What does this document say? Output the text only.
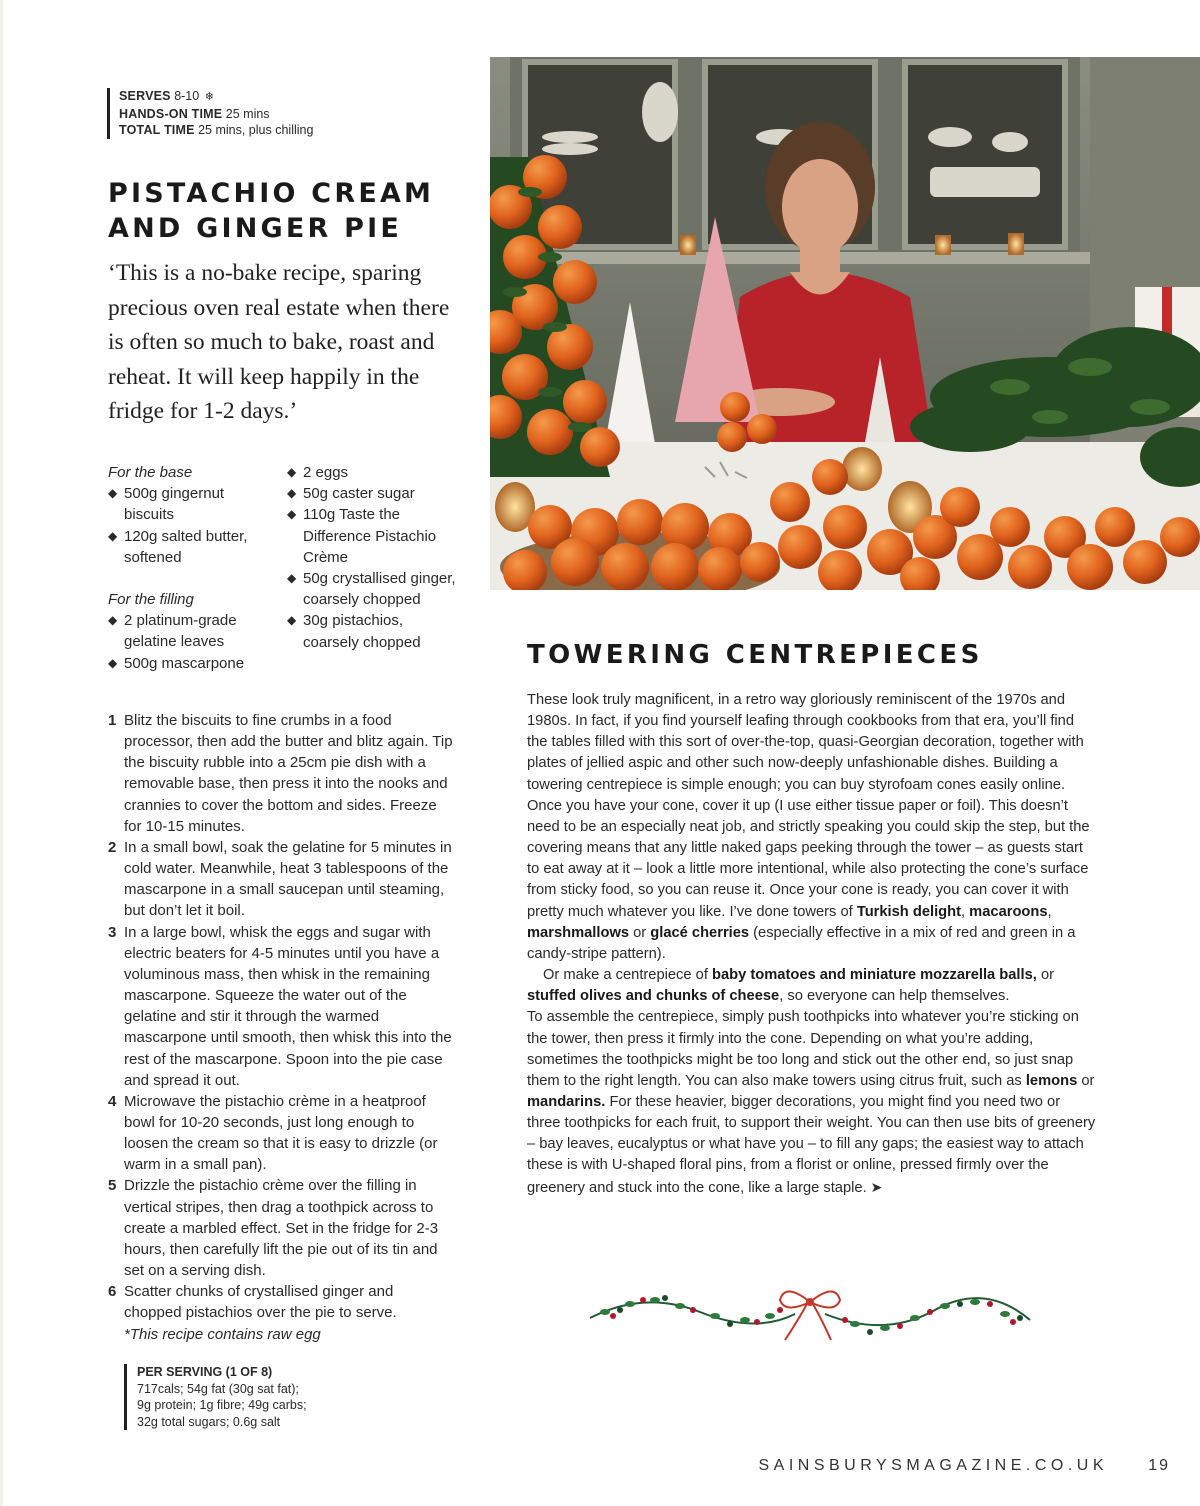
SERVES 8-10 ❄
HANDS-ON TIME 25 mins
TOTAL TIME 25 mins, plus chilling
PISTACHIO CREAM
AND GINGER PIE

‘This is a no-bake recipe, sparing precious oven real estate when there is often so much to bake, roast and reheat. It will keep happily in the fridge for 1-2 days.’

For the base
◆ 500g gingernut biscuits
◆ 120g salted butter, softened
For the filling
◆ 2 platinum-grade gelatine leaves
◆ 500g mascarpone
◆ 2 eggs
◆ 50g caster sugar
◆ 110g Taste the Difference Pistachio Crème
◆ 50g crystallised ginger, coarsely chopped
◆ 30g pistachios, coarsely chopped
1 Blitz the biscuits to fine crumbs in a food processor, then add the butter and blitz again. Tip the biscuity rubble into a 25cm pie dish with a removable base, then press it into the nooks and crannies to cover the bottom and sides. Freeze for 10-15 minutes.
2 In a small bowl, soak the gelatine for 5 minutes in cold water. Meanwhile, heat 3 tablespoons of the mascarpone in a small saucepan until steaming, but don’t let it boil.
3 In a large bowl, whisk the eggs and sugar with electric beaters for 4-5 minutes until you have a voluminous mass, then whisk in the remaining mascarpone. Squeeze the water out of the gelatine and stir it through the warmed mascarpone until smooth, then whisk this into the rest of the mascarpone. Spoon into the pie case and spread it out.
4 Microwave the pistachio crème in a heatproof bowl for 10-20 seconds, just long enough to loosen the cream so that it is easy to drizzle (or warm in a small pan).
5 Drizzle the pistachio crème over the filling in vertical stripes, then drag a toothpick across to create a marbled effect. Set in the fridge for 2-3 hours, then carefully lift the pie out of its tin and set on a serving dish.
6 Scatter chunks of crystallised ginger and chopped pistachios over the pie to serve.
*This recipe contains raw egg
PER SERVING (1 OF 8)
717cals; 54g fat (30g sat fat);
9g protein; 1g fibre; 49g carbs;
32g total sugars; 0.6g salt
TOWERING CENTREPIECES

These look truly magnificent, in a retro way gloriously reminiscent of the 1970s and 1980s. In fact, if you find yourself leafing through cookbooks from that era, you’ll find the tables filled with this sort of over-the-top, quasi-Georgian decoration, together with plates of jellied aspic and other such now-deeply unfashionable dishes. Building a towering centrepiece is simple enough; you can buy styrofoam cones easily online. Once you have your cone, cover it up (I use either tissue paper or foil). This doesn’t need to be an especially neat job, and strictly speaking you could skip the step, but the covering means that any little naked gaps peeking through the tower – as guests start to eat away at it – look a little more intentional, while also protecting the cone’s surface from sticky food, so you can reuse it. Once your cone is ready, you can cover it with pretty much whatever you like. I’ve done towers of Turkish delight, macaroons, marshmallows or glacé cherries (especially effective in a mix of red and green in a candy-stripe pattern).

Or make a centrepiece of baby tomatoes and miniature mozzarella balls, or stuffed olives and chunks of cheese, so everyone can help themselves.

To assemble the centrepiece, simply push toothpicks into whatever you’re sticking on the tower, then press it firmly into the cone. Depending on what you’re adding, sometimes the toothpicks might be too long and stick out the other end, so just snap them to the right length. You can also make towers using citrus fruit, such as lemons or mandarins. For these heavier, bigger decorations, you might find you need two or three toothpicks for each fruit, to support their weight. You can then use bits of greenery – bay leaves, eucalyptus or what have you – to fill any gaps; the easiest way to attach these is with U-shaped floral pins, from a florist or online, pressed firmly over the greenery and stuck into the cone, like a large staple. ➤

SAINSBURYSMAGAZINE.CO.UK	19
